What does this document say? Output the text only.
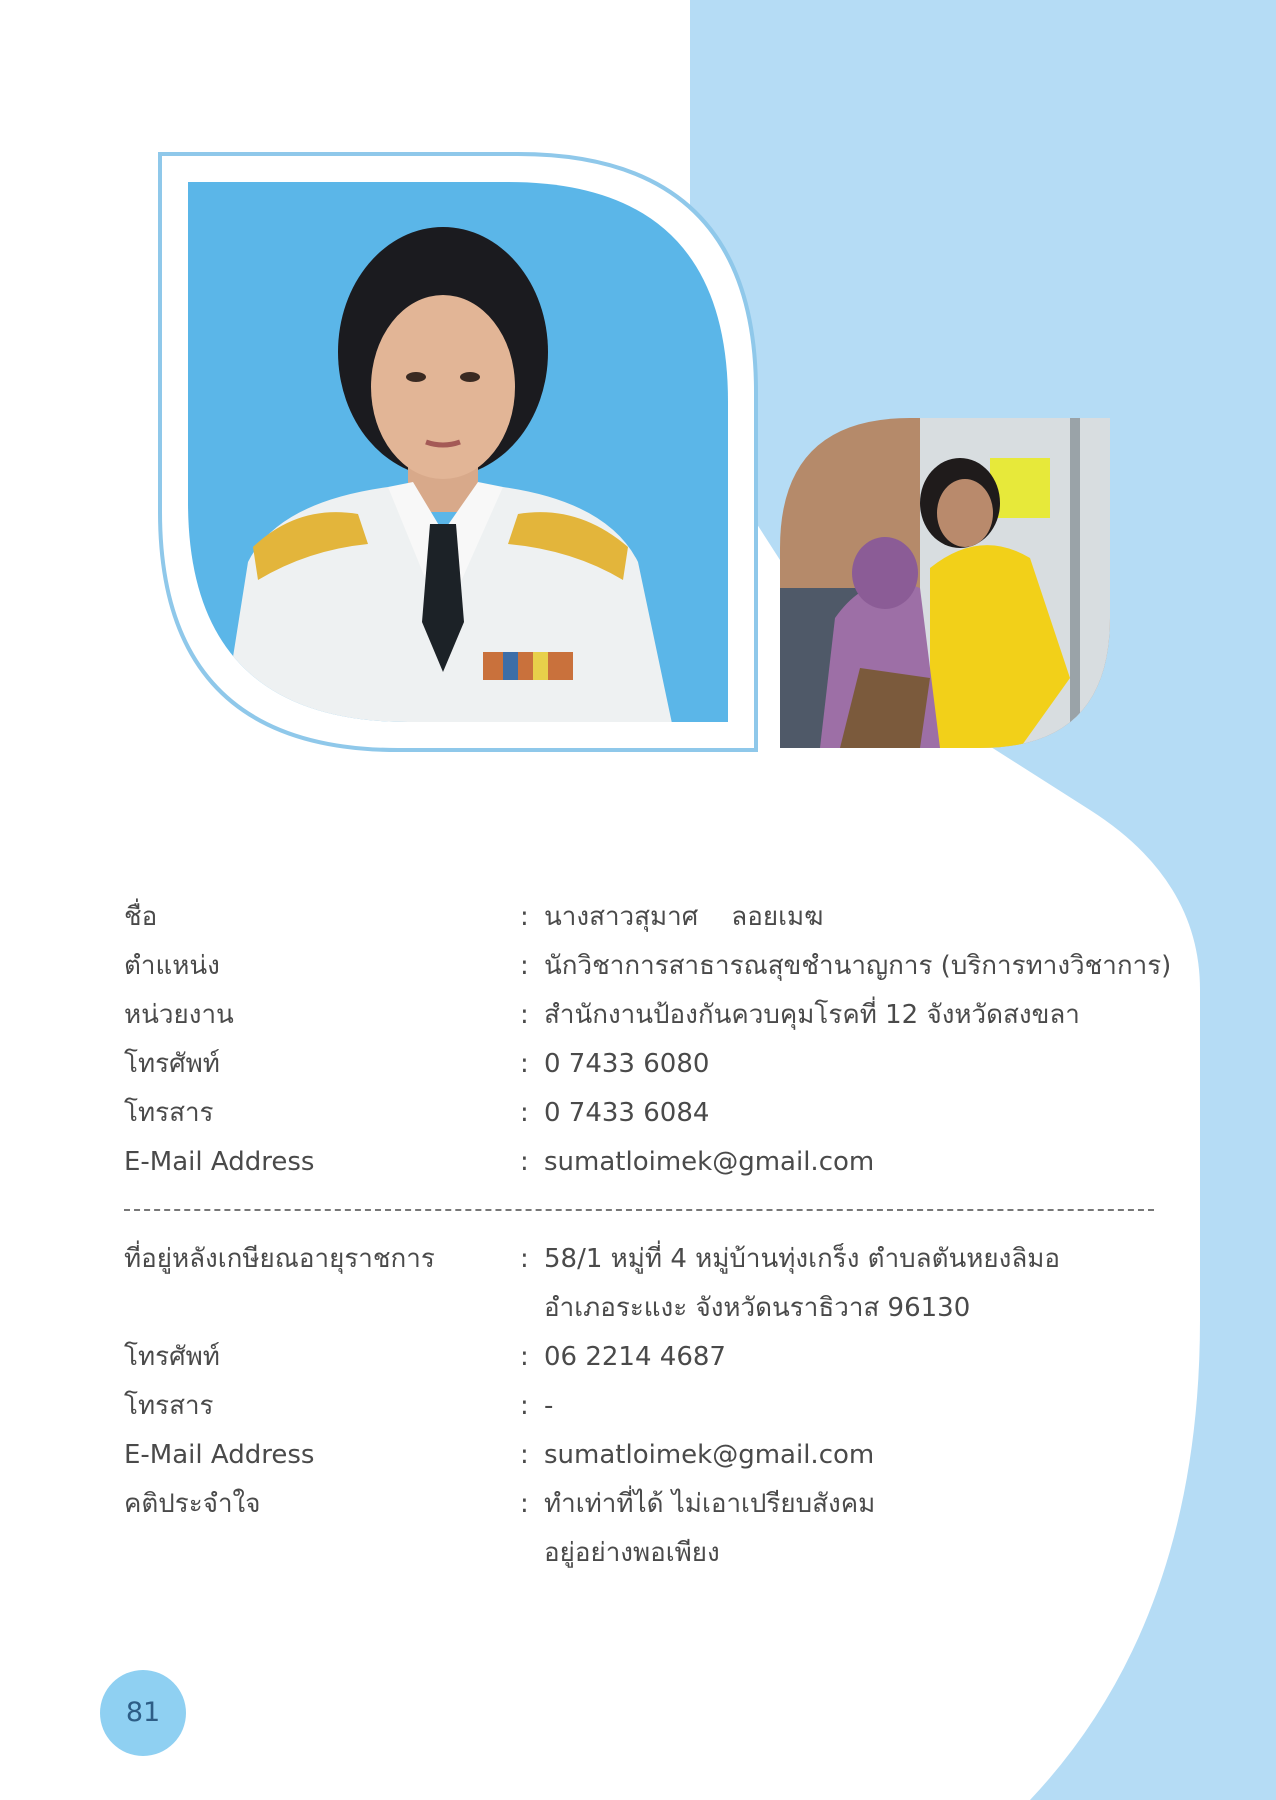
ชื่อ	: นางสาวสุมาศ    ลอยเมฆ
ตำแหน่ง	: นักวิชาการสาธารณสุขชำนาญการ (บริการทางวิชาการ)
หน่วยงาน	: สำนักงานป้องกันควบคุมโรคที่ 12 จังหวัดสงขลา
โทรศัพท์	: 0 7433 6080
โทรสาร	: 0 7433 6084
E-Mail Address	: sumatloimek@gmail.com
ที่อยู่หลังเกษียณอายุราชการ	: 58/1 หมู่ที่ 4 หมู่บ้านทุ่งเกร็ง ตำบลตันหยงลิมอ
อำเภอระแงะ จังหวัดนราธิวาส 96130
โทรศัพท์	: 06 2214 4687
โทรสาร	: -
E-Mail Address	: sumatloimek@gmail.com
คติประจำใจ	: ทำเท่าที่ได้ ไม่เอาเปรียบสังคม
อยู่อย่างพอเพียง
81
